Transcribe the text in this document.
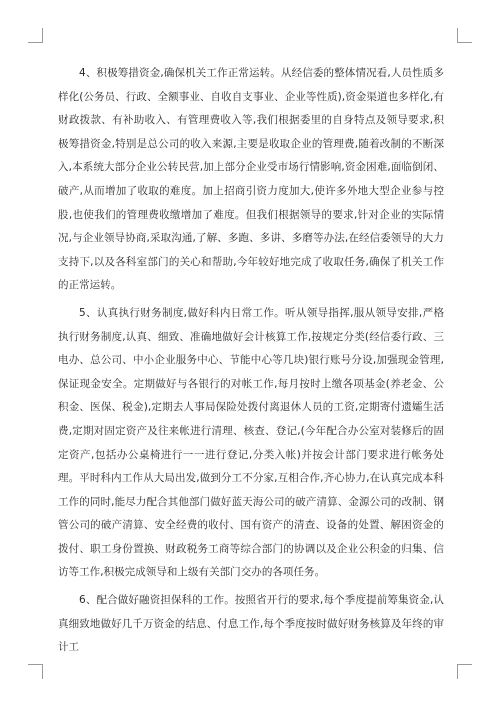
4、积极筹措资金,确保机关工作正常运转。从经信委的整体情况看,人员性质多样化(公务员、行政、全额事业、自收自支事业、企业等性质),资金渠道也多样化,有财政拨款、有补助收入、有管理费收入等,我们根据委里的自身特点及领导要求,积极筹措资金,特别是总公司的收入来源,主要是收取企业的管理费,随着改制的不断深入,本系统大部分企业公转民营,加上部分企业受市场行情影响,资金困难,面临倒闭、破产,从而增加了收取的难度。加上招商引资力度加大,使许多外地大型企业参与控股,也使我们的管理费收缴增加了难度。但我们根据领导的要求,针对企业的实际情况,与企业领导协商,采取沟通,了解、多跑、多讲、多磨等办法,在经信委领导的大力支持下,以及各科室部门的关心和帮助,今年较好地完成了收取任务,确保了机关工作的正常运转。

5、认真执行财务制度,做好科内日常工作。听从领导指挥,服从领导安排,严格执行财务制度,认真、细致、准确地做好会计核算工作,按规定分类(经信委行政、三电办、总公司、中小企业服务中心、节能中心等几块)银行账号分设,加强现金管理,保证现金安全。定期做好与各银行的对帐工作,每月按时上缴各项基金(养老金、公积金、医保、税金),定期去人事局保险处拨付离退休人员的工资,定期寄付遗孀生活费,定期对固定资产及往来帐进行清理、核查、登记,(今年配合办公室对装修后的固定资产,包括办公桌椅进行一一进行登记,分类入帐)并按会计部门要求进行帐务处理。平时科内工作从大局出发,做到分工不分家,互相合作,齐心协力,在认真完成本科工作的同时,能尽力配合其他部门做好蓝天海公司的破产清算、金源公司的改制、钢管公司的破产清算、安全经费的收付、国有资产的清查、设备的处置、解困资金的拨付、职工身份置换、财政税务工商等综合部门的协调以及企业公积金的归集、信访等工作,积极完成领导和上级有关部门交办的各项任务。

6、配合做好融资担保科的工作。按照省开行的要求,每个季度提前筹集资金,认真细致地做好几千万资金的结息、付息工作,每个季度按时做好财务核算及年终的审计工
